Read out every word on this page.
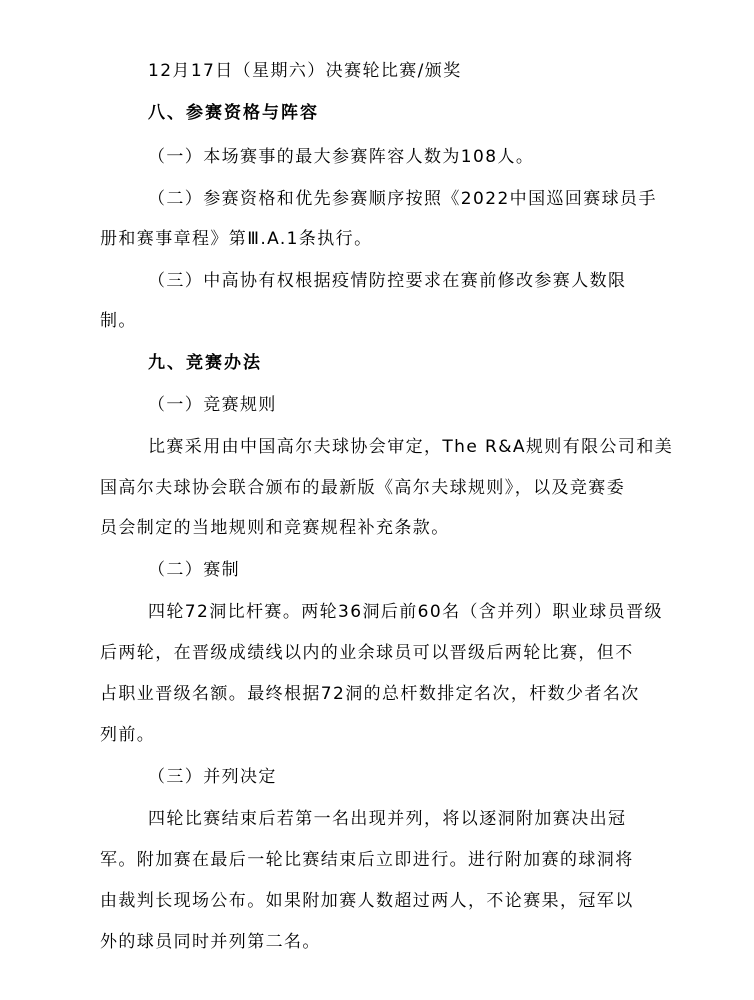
12月17日（星期六）决赛轮比赛/颁奖
八、参赛资格与阵容
（一）本场赛事的最大参赛阵容人数为108人。
（二）参赛资格和优先参赛顺序按照《2022中国巡回赛球员手
册和赛事章程》第Ⅲ.A.1条执行。
（三）中高协有权根据疫情防控要求在赛前修改参赛人数限
制。
九、竞赛办法
（一）竞赛规则
比赛采用由中国高尔夫球协会审定，The R&A规则有限公司和美
国高尔夫球协会联合颁布的最新版《高尔夫球规则》，以及竞赛委
员会制定的当地规则和竞赛规程补充条款。
（二）赛制
四轮72洞比杆赛。两轮36洞后前60名（含并列）职业球员晋级
后两轮，在晋级成绩线以内的业余球员可以晋级后两轮比赛，但不
占职业晋级名额。最终根据72洞的总杆数排定名次，杆数少者名次
列前。
（三）并列决定
四轮比赛结束后若第一名出现并列，将以逐洞附加赛决出冠
军。附加赛在最后一轮比赛结束后立即进行。进行附加赛的球洞将
由裁判长现场公布。如果附加赛人数超过两人，不论赛果，冠军以
外的球员同时并列第二名。
